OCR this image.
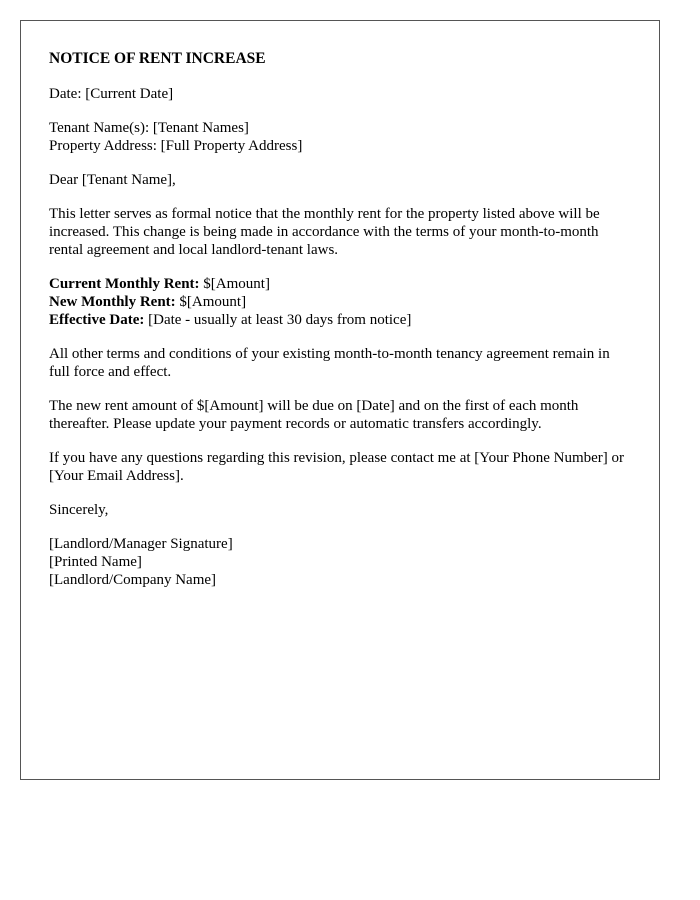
NOTICE OF RENT INCREASE

Date: [Current Date]

Tenant Name(s): [Tenant Names]
Property Address: [Full Property Address]

Dear [Tenant Name],

This letter serves as formal notice that the monthly rent for the property listed above will be increased. This change is being made in accordance with the terms of your month-to-month rental agreement and local landlord-tenant laws.

Current Monthly Rent: $[Amount]
New Monthly Rent: $[Amount]
Effective Date: [Date - usually at least 30 days from notice]

All other terms and conditions of your existing month-to-month tenancy agreement remain in full force and effect.

The new rent amount of $[Amount] will be due on [Date] and on the first of each month thereafter. Please update your payment records or automatic transfers accordingly.

If you have any questions regarding this revision, please contact me at [Your Phone Number] or [Your Email Address].

Sincerely,

[Landlord/Manager Signature]
[Printed Name]
[Landlord/Company Name]
